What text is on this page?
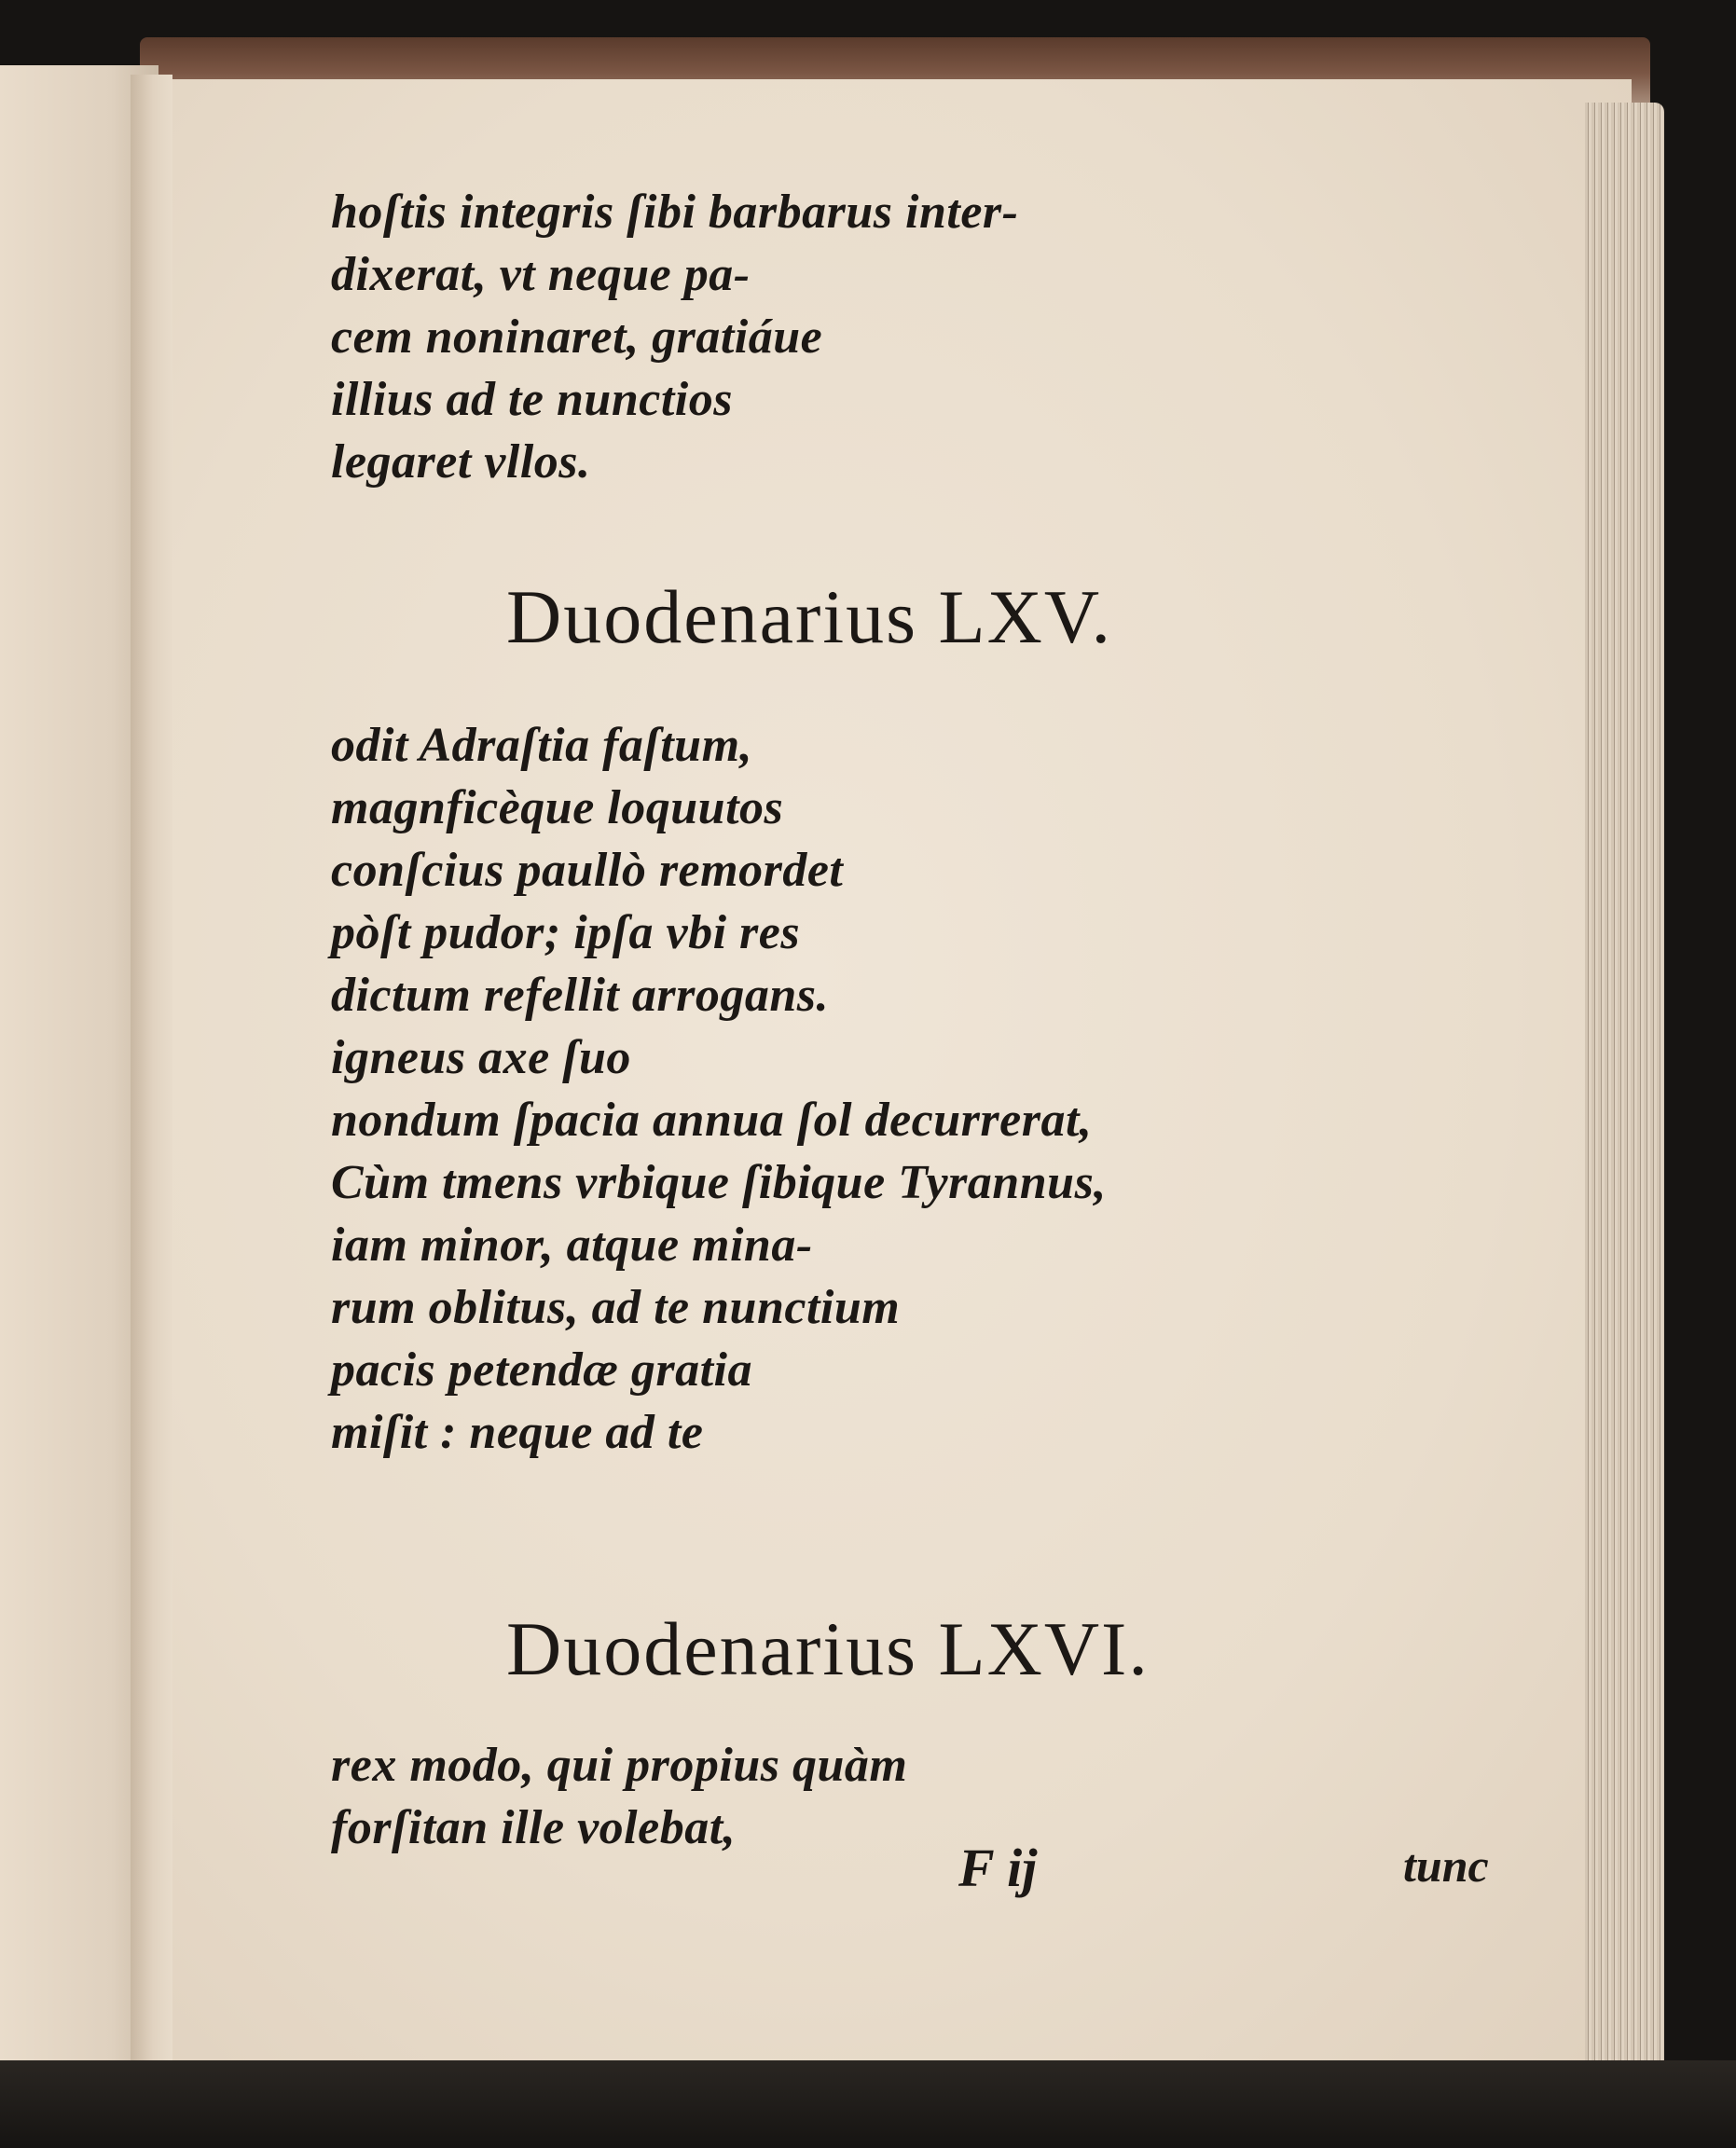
hoſtis integris ſibi barbarus inter-
dixerat, vt neque pa-
cem noninaret, gratiáue
illius ad te nunctios
legaret vllos.
Duodenarius LXV.
odit Adraſtia faſtum,
magnficèque loquutos
conſcius paullò remordet
pòſt pudor; ipſa vbi res
dictum refellit arrogans.
igneus axe ſuo
nondum ſpacia annua ſol decurrerat,
Cùm tmens vrbique ſibique Tyrannus,
iam minor, atque mina-
rum oblitus, ad te nunctium
pacis petendæ gratia
miſit : neque ad te
Duodenarius LXVI.
rex modo, qui propius quàm
forſitan ille volebat,

F ij	tunc
